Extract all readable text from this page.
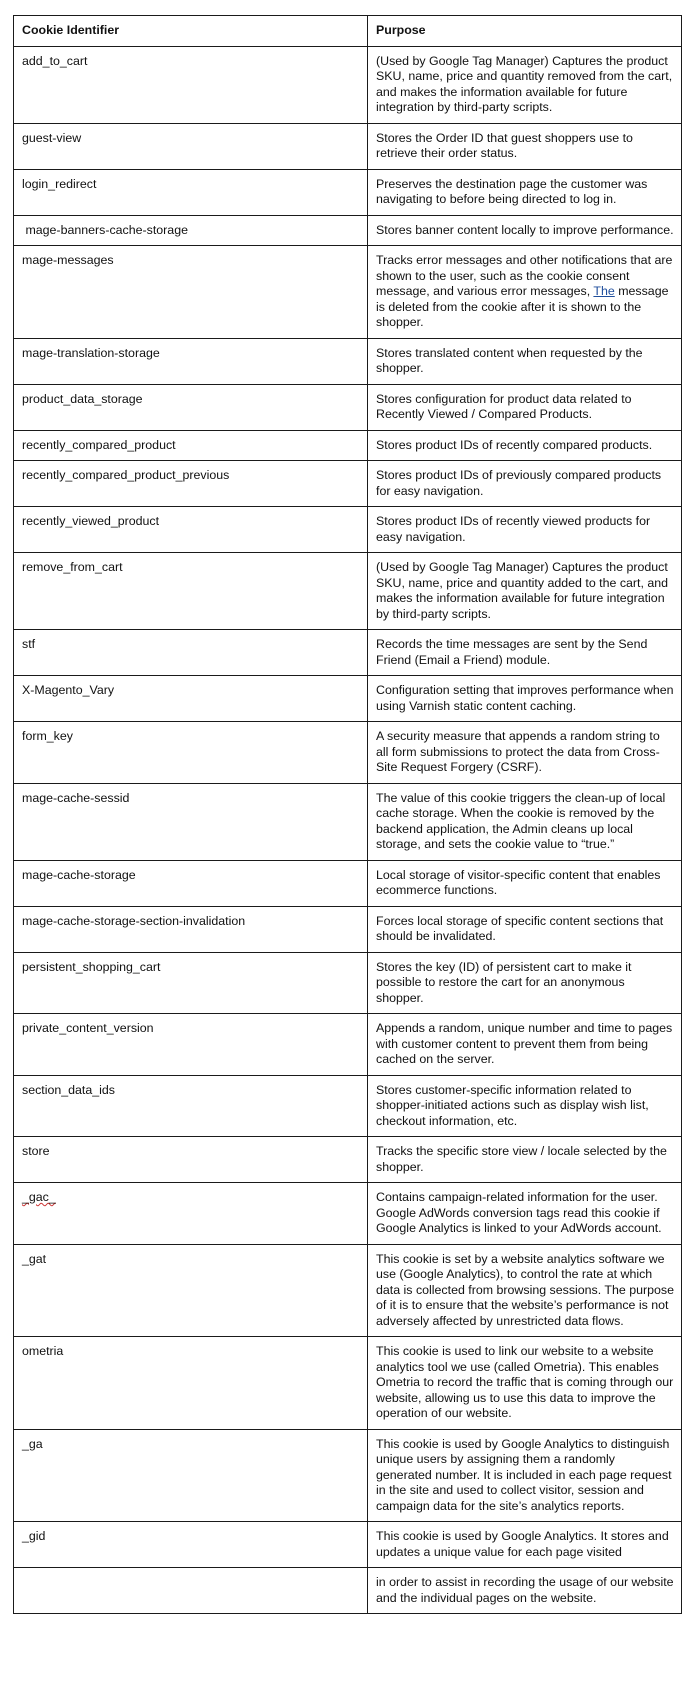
Cookie Identifier	Purpose
add_to_cart	(Used by Google Tag Manager) Captures the product SKU, name, price and quantity removed from the cart, and makes the information available for future integration by third-party scripts.
guest-view	Stores the Order ID that guest shoppers use to retrieve their order status.
login_redirect	Preserves the destination page the customer was navigating to before being directed to log in.
mage-banners-cache-storage	Stores banner content locally to improve performance.
mage-messages	Tracks error messages and other notifications that are shown to the user, such as the cookie consent message, and various error messages, The message is deleted from the cookie after it is shown to the shopper.
mage-translation-storage	Stores translated content when requested by the shopper.
product_data_storage	Stores configuration for product data related to Recently Viewed / Compared Products.
recently_compared_product	Stores product IDs of recently compared products.
recently_compared_product_previous	Stores product IDs of previously compared products for easy navigation.
recently_viewed_product	Stores product IDs of recently viewed products for easy navigation.
remove_from_cart	(Used by Google Tag Manager) Captures the product SKU, name, price and quantity added to the cart, and makes the information available for future integration by third-party scripts.
stf	Records the time messages are sent by the Send Friend (Email a Friend) module.
X-Magento_Vary	Configuration setting that improves performance when using Varnish static content caching.
form_key	A security measure that appends a random string to all form submissions to protect the data from Cross-Site Request Forgery (CSRF).
mage-cache-sessid	The value of this cookie triggers the clean-up of local cache storage. When the cookie is removed by the backend application, the Admin cleans up local storage, and sets the cookie value to “true.”
mage-cache-storage	Local storage of visitor-specific content that enables ecommerce functions.
mage-cache-storage-section-invalidation	Forces local storage of specific content sections that should be invalidated.
persistent_shopping_cart	Stores the key (ID) of persistent cart to make it possible to restore the cart for an anonymous shopper.
private_content_version	Appends a random, unique number and time to pages with customer content to prevent them from being cached on the server.
section_data_ids	Stores customer-specific information related to shopper-initiated actions such as display wish list, checkout information, etc.
store	Tracks the specific store view / locale selected by the shopper.
_gac_	Contains campaign-related information for the user. Google AdWords conversion tags read this cookie if Google Analytics is linked to your AdWords account.
_gat	This cookie is set by a website analytics software we use (Google Analytics), to control the rate at which data is collected from browsing sessions. The purpose of it is to ensure that the website’s performance is not adversely affected by unrestricted data flows.
ometria	This cookie is used to link our website to a website analytics tool we use (called Ometria). This enables Ometria to record the traffic that is coming through our website, allowing us to use this data to improve the operation of our website.
_ga	This cookie is used by Google Analytics to distinguish unique users by assigning them a randomly generated number. It is included in each page request in the site and used to collect visitor, session and campaign data for the site’s analytics reports.
_gid	This cookie is used by Google Analytics. It stores and updates a unique value for each page visited
	in order to assist in recording the usage of our website and the individual pages on the website.
